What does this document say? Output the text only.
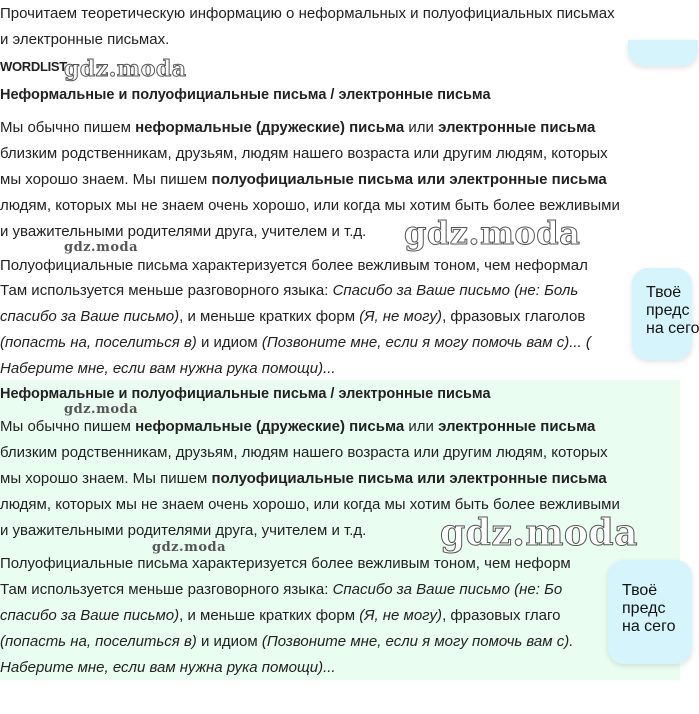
Прочитаем теоретическую информацию о неформальных и полуофициальных письмах
и электронные письмах.
WORDLIST
gdz.moda
Неформальные и полуофициальные письма / электронные письма
Мы обычно пишем неформальные (дружеские) письма или электронные письма
близким родственникам, друзьям, людям нашего возраста или другим людям, которых
мы хорошо знаем. Мы пишем полуофициальные письма или электронные письма
людям, которых мы не знаем очень хорошо, или когда мы хотим быть более вежливыми
и уважительными родителями друга, учителем и т.д. gdz.moda
gdz.moda
Полуофициальные письма характеризуется более вежливым тоном, чем неформал
Там используется меньше разговорного языка: Спасибо за Ваше письмо (не: Боль
спасибо за Ваше письмо), и меньше кратких форм (Я, не могу), фразовых глаголов
(попасть на, поселиться в) и идиом (Позвоните мне, если я могу помочь вам с)... (
Наберите мне, если вам нужна рука помощи)...
Твоё
предс
на сего
Неформальные и полуофициальные письма / электронные письма
gdz.moda
Мы обычно пишем неформальные (дружеские) письма или электронные письма
близким родственникам, друзьям, людям нашего возраста или другим людям, которых
мы хорошо знаем. Мы пишем полуофициальные письма или электронные письма
людям, которых мы не знаем очень хорошо, или когда мы хотим быть более вежливыми
и уважительными родителями друга, учителем и т.д. gdz.moda
gdz.moda
Полуофициальные письма характеризуется более вежливым тоном, чем неформ
Там используется меньше разговорного языка: Спасибо за Ваше письмо (не: Бо
спасибо за Ваше письмо), и меньше кратких форм (Я, не могу), фразовых глаго
(попасть на, поселиться в) и идиом (Позвоните мне, если я могу помочь вам с).
Наберите мне, если вам нужна рука помощи)...
Твоё
предс
на сего
